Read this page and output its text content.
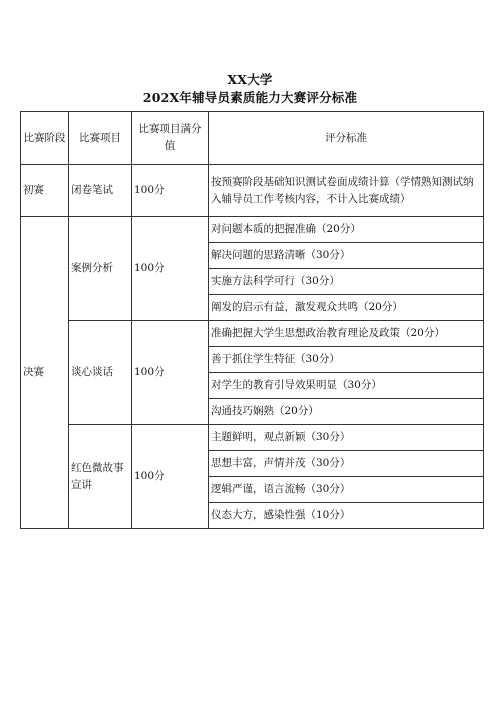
XX大学
202X年辅导员素质能力大赛评分标准
比赛阶段	比赛项目	比赛项目满分值	评分标准
初赛	闭卷笔试	100分	按预赛阶段基础知识测试卷面成绩计算（学情熟知测试纳入辅导员工作考核内容，不计入比赛成绩）
决赛	案例分析	100分	对问题本质的把握准确（20分）
			解决问题的思路清晰（30分）
			实施方法科学可行（30分）
			阐发的启示有益，激发观众共鸣（20分）
	谈心谈话	100分	准确把握大学生思想政治教育理论及政策（20分）
			善于抓住学生特征（30分）
			对学生的教育引导效果明显（30分）
			沟通技巧娴熟（20分）
	红色微故事宣讲	100分	主题鲜明，观点新颖（30分）
			思想丰富，声情并茂（30分）
			逻辑严谨，语言流畅（30分）
			仪态大方，感染性强（10分）
